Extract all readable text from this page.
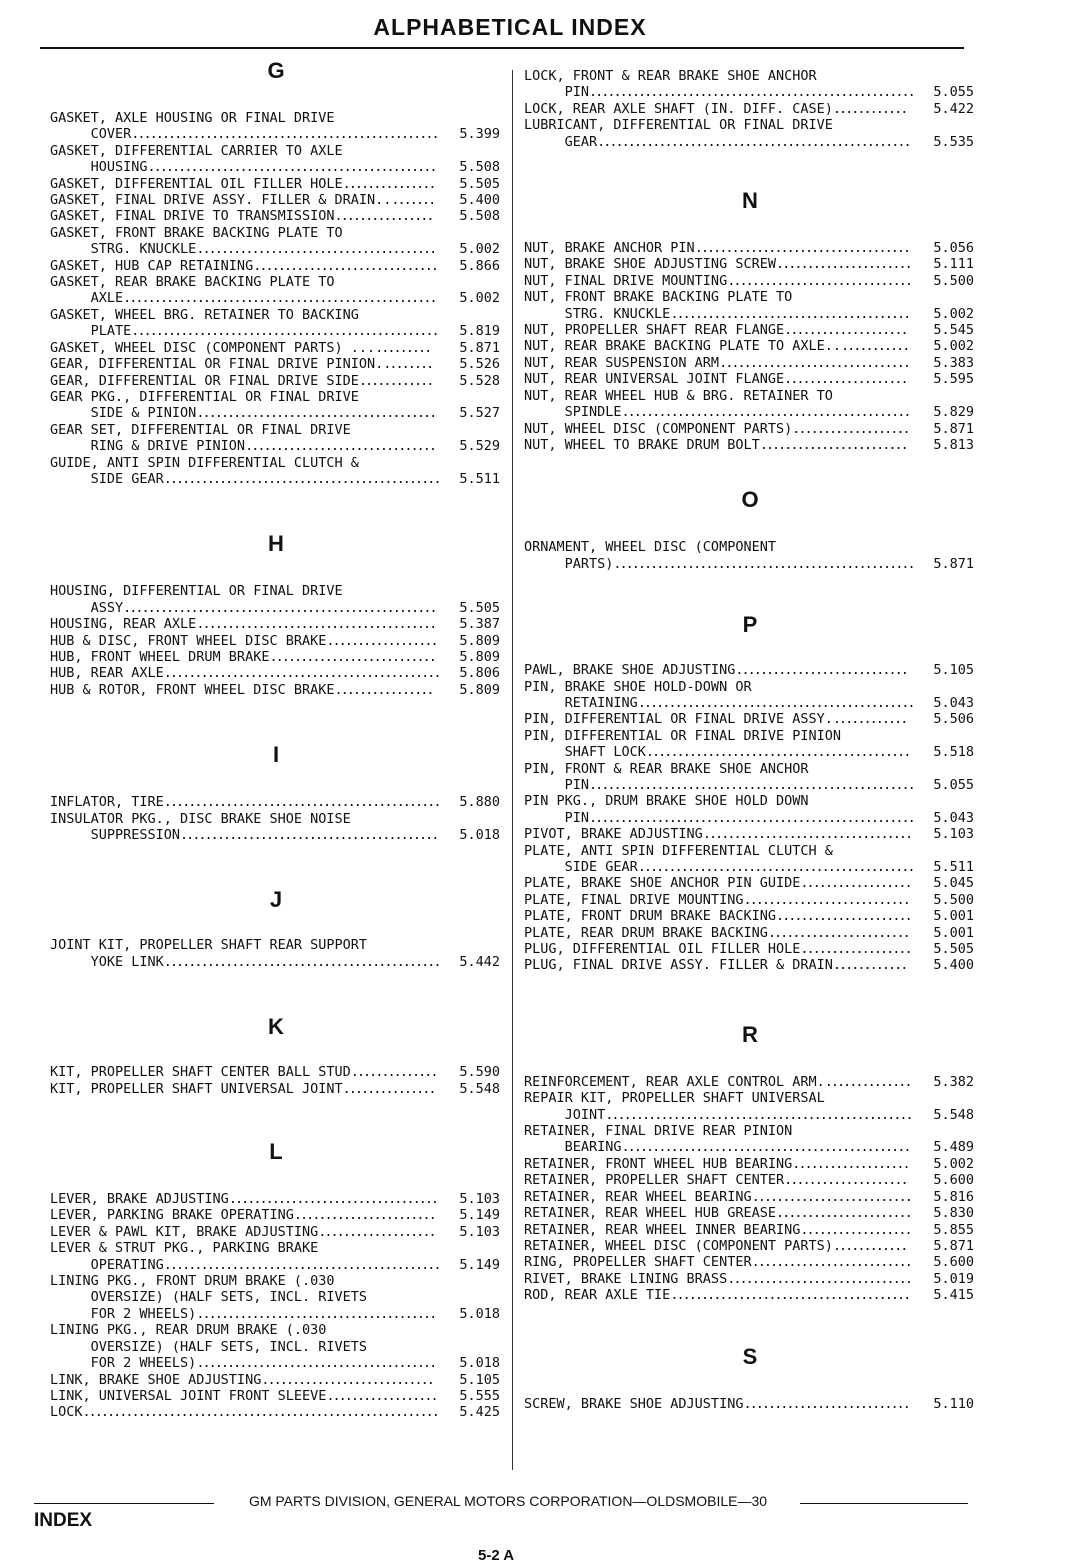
ALPHABETICAL INDEX
G
GASKET, AXLE HOUSING OR FINAL DRIVE
COVER..................................................	5.399
GASKET, DIFFERENTIAL CARRIER TO AXLE
HOUSING...............................................	5.508
GASKET, DIFFERENTIAL OIL FILLER HOLE...............	5.505
GASKET, FINAL DRIVE ASSY. FILLER & DRAIN.........	5.400
GASKET, FINAL DRIVE TO TRANSMISSION................	5.508
GASKET, FRONT BRAKE BACKING PLATE TO
STRG. KNUCKLE.......................................	5.002
GASKET, HUB CAP RETAINING..............................	5.866
GASKET, REAR BRAKE BACKING PLATE TO
AXLE...................................................	5.002
GASKET, WHEEL BRG. RETAINER TO BACKING
PLATE..................................................	5.819
GASKET, WHEEL DISC (COMPONENT PARTS) ............	5.871
GEAR, DIFFERENTIAL OR FINAL DRIVE PINION.........	5.526
GEAR, DIFFERENTIAL OR FINAL DRIVE SIDE............	5.528
GEAR PKG., DIFFERENTIAL OR FINAL DRIVE
SIDE & PINION.......................................	5.527
GEAR SET, DIFFERENTIAL OR FINAL DRIVE
RING & DRIVE PINION...............................	5.529
GUIDE, ANTI SPIN DIFFERENTIAL CLUTCH &
SIDE GEAR.............................................	5.511
H
HOUSING, DIFFERENTIAL OR FINAL DRIVE
ASSY...................................................	5.505
HOUSING, REAR AXLE.......................................	5.387
HUB & DISC, FRONT WHEEL DISC BRAKE..................	5.809
HUB, FRONT WHEEL DRUM BRAKE...........................	5.809
HUB, REAR AXLE.............................................	5.806
HUB & ROTOR, FRONT WHEEL DISC BRAKE................	5.809
I
INFLATOR, TIRE.............................................	5.880
INSULATOR PKG., DISC BRAKE SHOE NOISE
SUPPRESSION..........................................	5.018
J
JOINT KIT, PROPELLER SHAFT REAR SUPPORT
YOKE LINK.............................................	5.442
K
KIT, PROPELLER SHAFT CENTER BALL STUD..............	5.590
KIT, PROPELLER SHAFT UNIVERSAL JOINT...............	5.548
L
LEVER, BRAKE ADJUSTING..................................	5.103
LEVER, PARKING BRAKE OPERATING.......................	5.149
LEVER & PAWL KIT, BRAKE ADJUSTING...................	5.103
LEVER & STRUT PKG., PARKING BRAKE
OPERATING.............................................	5.149
LINING PKG., FRONT DRUM BRAKE (.030
OVERSIZE) (HALF SETS, INCL. RIVETS
FOR 2 WHEELS).......................................	5.018
LINING PKG., REAR DRUM BRAKE (.030
OVERSIZE) (HALF SETS, INCL. RIVETS
FOR 2 WHEELS).......................................	5.018
LINK, BRAKE SHOE ADJUSTING............................	5.105
LINK, UNIVERSAL JOINT FRONT SLEEVE..................	5.555
LOCK..........................................................	5.425
LOCK, FRONT & REAR BRAKE SHOE ANCHOR
PIN.....................................................	5.055
LOCK, REAR AXLE SHAFT (IN. DIFF. CASE)............	5.422
LUBRICANT, DIFFERENTIAL OR FINAL DRIVE
GEAR...................................................	5.535
N
NUT, BRAKE ANCHOR PIN...................................	5.056
NUT, BRAKE SHOE ADJUSTING SCREW......................	5.111
NUT, FINAL DRIVE MOUNTING..............................	5.500
NUT, FRONT BRAKE BACKING PLATE TO
STRG. KNUCKLE.......................................	5.002
NUT, PROPELLER SHAFT REAR FLANGE....................	5.545
NUT, REAR BRAKE BACKING PLATE TO AXLE.............	5.002
NUT, REAR SUSPENSION ARM...............................	5.383
NUT, REAR UNIVERSAL JOINT FLANGE....................	5.595
NUT, REAR WHEEL HUB & BRG. RETAINER TO
SPINDLE...............................................	5.829
NUT, WHEEL DISC (COMPONENT PARTS)...................	5.871
NUT, WHEEL TO BRAKE DRUM BOLT........................	5.813
O
ORNAMENT, WHEEL DISC (COMPONENT
PARTS).................................................	5.871
P
PAWL, BRAKE SHOE ADJUSTING............................	5.105
PIN, BRAKE SHOE HOLD-DOWN OR
RETAINING.............................................	5.043
PIN, DIFFERENTIAL OR FINAL DRIVE ASSY.............	5.506
PIN, DIFFERENTIAL OR FINAL DRIVE PINION
SHAFT LOCK...........................................	5.518
PIN, FRONT & REAR BRAKE SHOE ANCHOR
PIN.....................................................	5.055
PIN PKG., DRUM BRAKE SHOE HOLD DOWN
PIN.....................................................	5.043
PIVOT, BRAKE ADJUSTING..................................	5.103
PLATE, ANTI SPIN DIFFERENTIAL CLUTCH &
SIDE GEAR.............................................	5.511
PLATE, BRAKE SHOE ANCHOR PIN GUIDE..................	5.045
PLATE, FINAL DRIVE MOUNTING...........................	5.500
PLATE, FRONT DRUM BRAKE BACKING......................	5.001
PLATE, REAR DRUM BRAKE BACKING.......................	5.001
PLUG, DIFFERENTIAL OIL FILLER HOLE..................	5.505
PLUG, FINAL DRIVE ASSY. FILLER & DRAIN............	5.400
R
REINFORCEMENT, REAR AXLE CONTROL ARM...............	5.382
REPAIR KIT, PROPELLER SHAFT UNIVERSAL
JOINT..................................................	5.548
RETAINER, FINAL DRIVE REAR PINION
BEARING...............................................	5.489
RETAINER, FRONT WHEEL HUB BEARING...................	5.002
RETAINER, PROPELLER SHAFT CENTER....................	5.600
RETAINER, REAR WHEEL BEARING..........................	5.816
RETAINER, REAR WHEEL HUB GREASE......................	5.830
RETAINER, REAR WHEEL INNER BEARING..................	5.855
RETAINER, WHEEL DISC (COMPONENT PARTS)............	5.871
RING, PROPELLER SHAFT CENTER..........................	5.600
RIVET, BRAKE LINING BRASS..............................	5.019
ROD, REAR AXLE TIE.......................................	5.415
S
SCREW, BRAKE SHOE ADJUSTING...........................	5.110
GM PARTS DIVISION, GENERAL MOTORS CORPORATION—OLDSMOBILE—30
INDEX
5-2 A
